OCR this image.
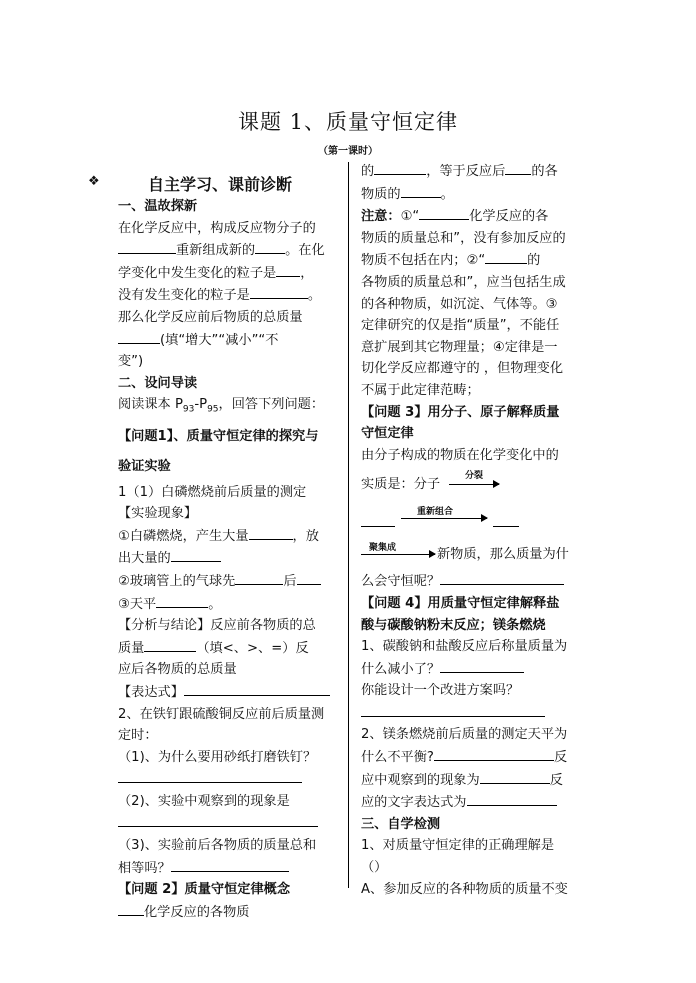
课题 1、质量守恒定律
（第一课时）
❖	自主学习、课前诊断
一、温故探新
在化学反应中，构成反应物分子的
重新组成新的 。在化
学变化中发生变化的粒子是 ，
没有发生变化的粒子是	。
那么化学反应前后物质的总质量
(填“增大”“减小”“不
变”)
二、设问导读
阅读课本 $P_{93}-P_{95}$，回答下列问题：
【问题1】、质量守恒定律的探究与
验证实验
1（1）白磷燃烧前后质量的测定
【实验现象】
①白磷燃烧，产生大量	，放
出大量的
②玻璃管上的气球先	后
③天平	。
【分析与结论】反应前各物质的总
质量	（填<、>、=）反
应后各物质的总质量
【表达式】
2、在铁钉跟硫酸铜反应前后质量测
定时：
（1)、为什么要用砂纸打磨铁钉？
（2)、实验中观察到的现象是
（3)、实验前后各物质的质量总和
相等吗？
【问题 2】质量守恒定律概念
化学反应的各物质
的	，等于反应后 的各
物质的	。
注意：①“	化学反应的各
物质的质量总和”，没有参加反应的
物质不包括在内；②“	的
各物质的质量总和”，应当包括生成
的各种物质，如沉淀、气体等。③
定律研究的仅是指“质量”，不能任
意扩展到其它物理量；④定律是一
切化学反应都遵守的 ，但物理变化
不属于此定律范畴；
【问题 3】用分子、原子解释质量
守恒定律
由分子构成的物质在化学变化中的
实质是：分子
分裂
重新组合
聚集成	新物质，那么质量为什
么会守恒呢？
【问题 4】用质量守恒定律解释盐
酸与碳酸钠粉末反应；镁条燃烧
1、碳酸钠和盐酸反应后称量质量为
什么减小了？
你能设计一个改进方案吗？
2、镁条燃烧前后质量的测定天平为
什么不平衡?	反
应中观察到的现象为	反
应的文字表达式为
三、自学检测
1、对质量守恒定律的正确理解是
（）
A、参加反应的各种物质的质量不变
